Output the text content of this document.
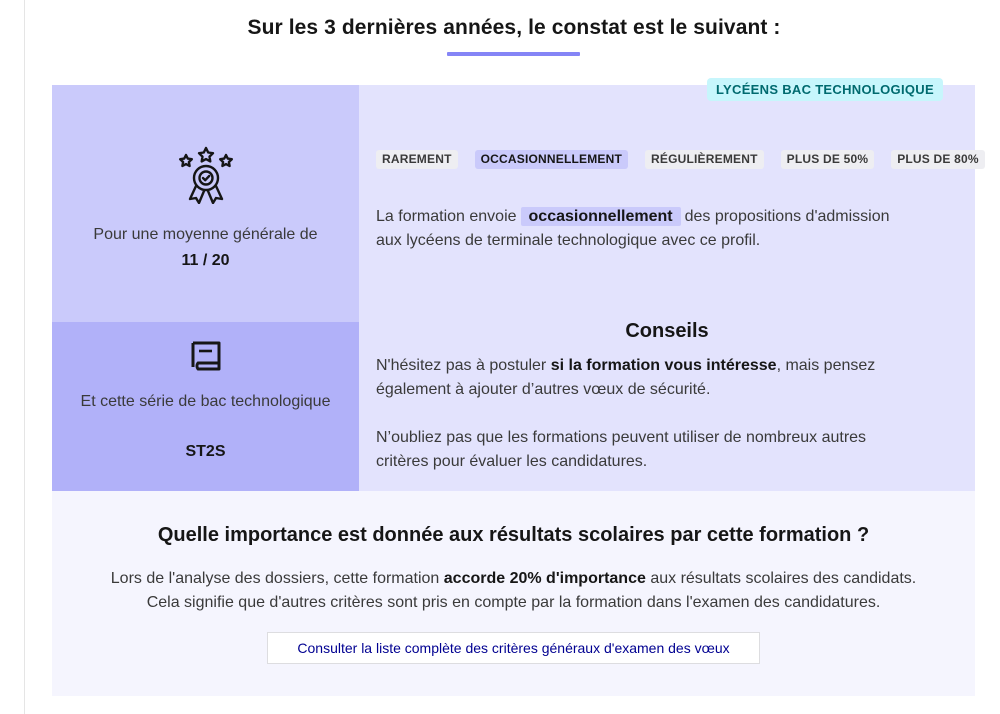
Sur les 3 dernières années, le constat est le suivant :
LYCÉENS BAC TECHNOLOGIQUE
Pour une moyenne générale de
11 / 20
Et cette série de bac technologique
ST2S
RAREMENT	OCCASIONNELLEMENT	RÉGULIÈREMENT	PLUS DE 50%	PLUS DE 80%
La formation envoie occasionnellement des propositions d'admission
aux lycéens de terminale technologique avec ce profil.
Conseils
N'hésitez pas à postuler si la formation vous intéresse, mais pensez
également à ajouter d’autres vœux de sécurité.
N’oubliez pas que les formations peuvent utiliser de nombreux autres
critères pour évaluer les candidatures.
Quelle importance est donnée aux résultats scolaires par cette formation ?
Lors de l'analyse des dossiers, cette formation accorde 20% d'importance aux résultats scolaires des candidats.
Cela signifie que d'autres critères sont pris en compte par la formation dans l'examen des candidatures.
Consulter la liste complète des critères généraux d'examen des vœux
